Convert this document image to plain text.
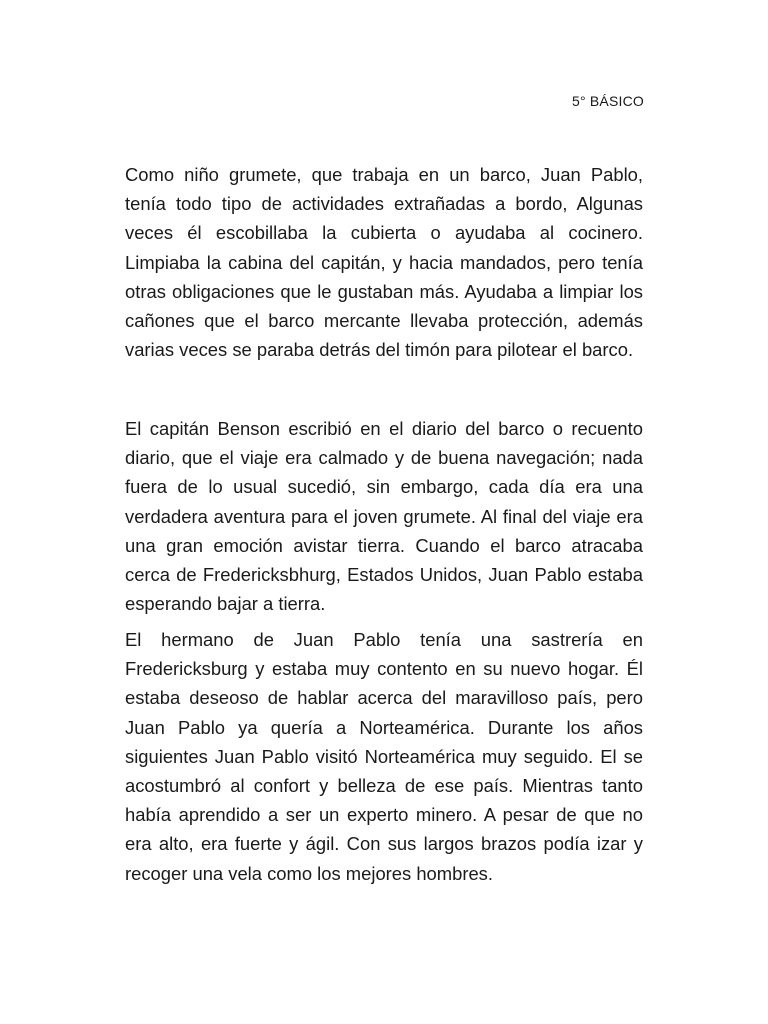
5° BÁSICO

Como niño grumete, que trabaja en un barco, Juan Pablo, tenía todo tipo de actividades extrañadas a bordo, Algunas veces él escobillaba la cubierta o ayudaba al cocinero. Limpiaba la cabina del capitán, y hacia mandados, pero tenía otras obligaciones que le gustaban más. Ayudaba a limpiar los cañones que el barco mercante llevaba protección, además varias veces se paraba detrás del timón para pilotear el barco.

El capitán Benson escribió en el diario del barco o recuento diario, que el viaje era calmado y de buena navegación; nada fuera de lo usual sucedió, sin embargo, cada día era una verdadera aventura para el joven grumete. Al final del viaje era una gran emoción avistar tierra. Cuando el barco atracaba cerca de Fredericksbhurg, Estados Unidos, Juan Pablo estaba esperando bajar a tierra.

El hermano de Juan Pablo tenía una sastrería en Fredericksburg y estaba muy contento en su nuevo hogar. Él estaba deseoso de hablar acerca del maravilloso país, pero Juan Pablo ya quería a Norteamérica. Durante los años siguientes Juan Pablo visitó Norteamérica muy seguido. El se acostumbró al confort y belleza de ese país. Mientras tanto había aprendido a ser un experto minero. A pesar de que no era alto, era fuerte y ágil. Con sus largos brazos podía izar y recoger una vela como los mejores hombres.
